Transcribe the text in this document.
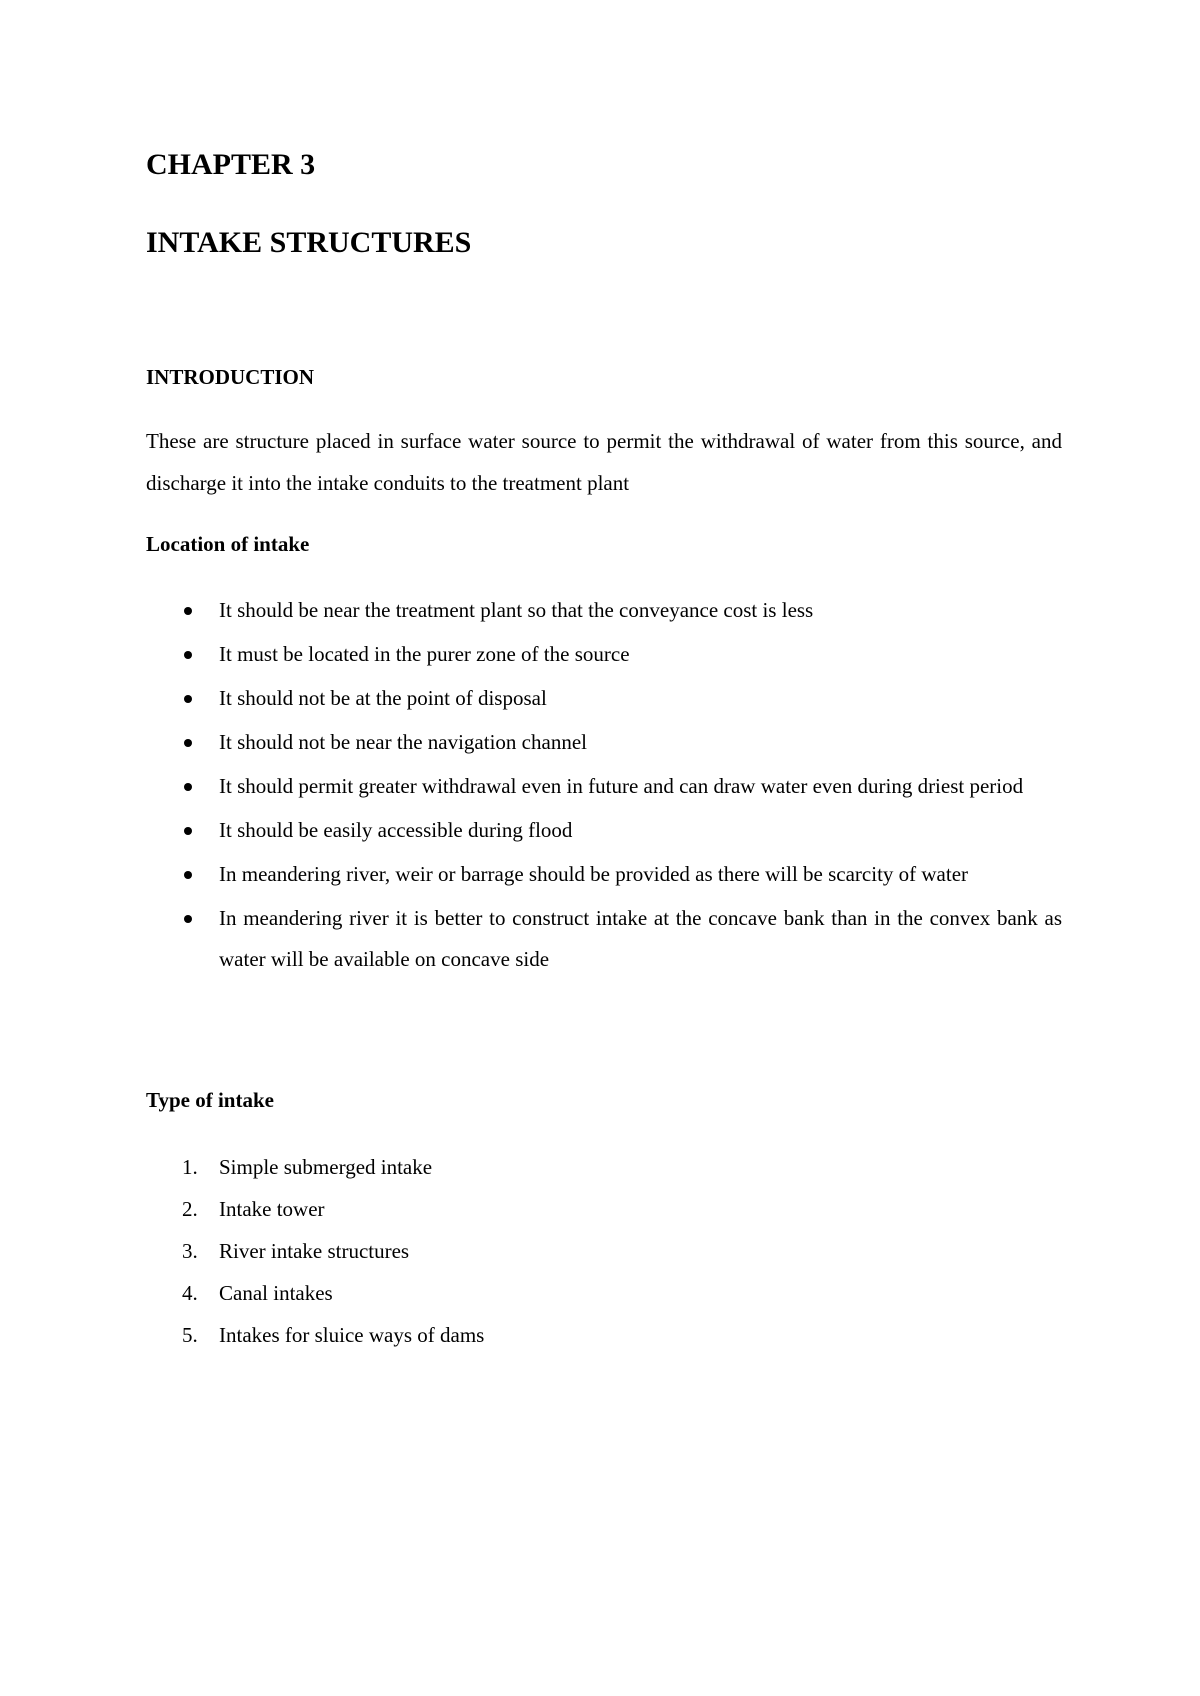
CHAPTER 3
INTAKE STRUCTURES
INTRODUCTION

These are structure placed in surface water source to permit the withdrawal of water from this source, and discharge it into the intake conduits to the treatment plant

Location of intake
It should be near the treatment plant so that the conveyance cost is less
It must be located in the purer zone of the source
It should not be at the point of disposal
It should not be near the navigation channel
It should permit greater withdrawal even in future and can draw water even during driest period
It should be easily accessible during flood
In meandering river, weir or barrage should be provided as there will be scarcity of water
In meandering river it is better to construct intake at the concave bank than in the convex bank as water will be available on concave side
Type of intake
1. Simple submerged intake
2. Intake tower
3. River intake structures
4. Canal intakes
5. Intakes for sluice ways of dams
